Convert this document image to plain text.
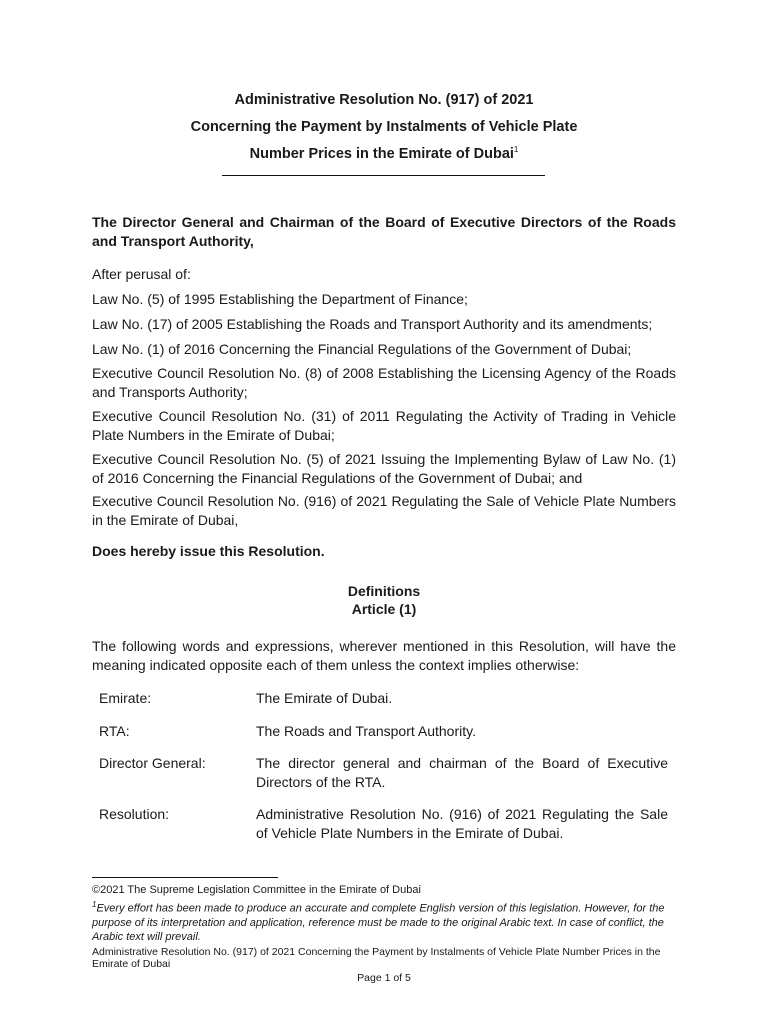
Administrative Resolution No. (917) of 2021
Concerning the Payment by Instalments of Vehicle Plate
Number Prices in the Emirate of Dubai$^1$
The Director General and Chairman of the Board of Executive Directors of the Roads and Transport Authority,
After perusal of:
Law No. (5) of 1995 Establishing the Department of Finance;
Law No. (17) of 2005 Establishing the Roads and Transport Authority and its amendments;
Law No. (1) of 2016 Concerning the Financial Regulations of the Government of Dubai;
Executive Council Resolution No. (8) of 2008 Establishing the Licensing Agency of the Roads and Transports Authority;
Executive Council Resolution No. (31) of 2011 Regulating the Activity of Trading in Vehicle Plate Numbers in the Emirate of Dubai;
Executive Council Resolution No. (5) of 2021 Issuing the Implementing Bylaw of Law No. (1) of 2016 Concerning the Financial Regulations of the Government of Dubai; and
Executive Council Resolution No. (916) of 2021 Regulating the Sale of Vehicle Plate Numbers in the Emirate of Dubai,
Does hereby issue this Resolution.
Definitions
Article (1)
The following words and expressions, wherever mentioned in this Resolution, will have the meaning indicated opposite each of them unless the context implies otherwise:
Emirate:	The Emirate of Dubai.
RTA:	The Roads and Transport Authority.
Director General:	The director general and chairman of the Board of Executive Directors of the RTA.
Resolution:	Administrative Resolution No. (916) of 2021 Regulating the Sale of Vehicle Plate Numbers in the Emirate of Dubai.
©2021 The Supreme Legislation Committee in the Emirate of Dubai
$^1$Every effort has been made to produce an accurate and complete English version of this legislation. However, for the purpose of its interpretation and application, reference must be made to the original Arabic text. In case of conflict, the Arabic text will prevail.
Administrative Resolution No. (917) of 2021 Concerning the Payment by Instalments of Vehicle Plate Number Prices in the Emirate of Dubai
Page 1 of 5
